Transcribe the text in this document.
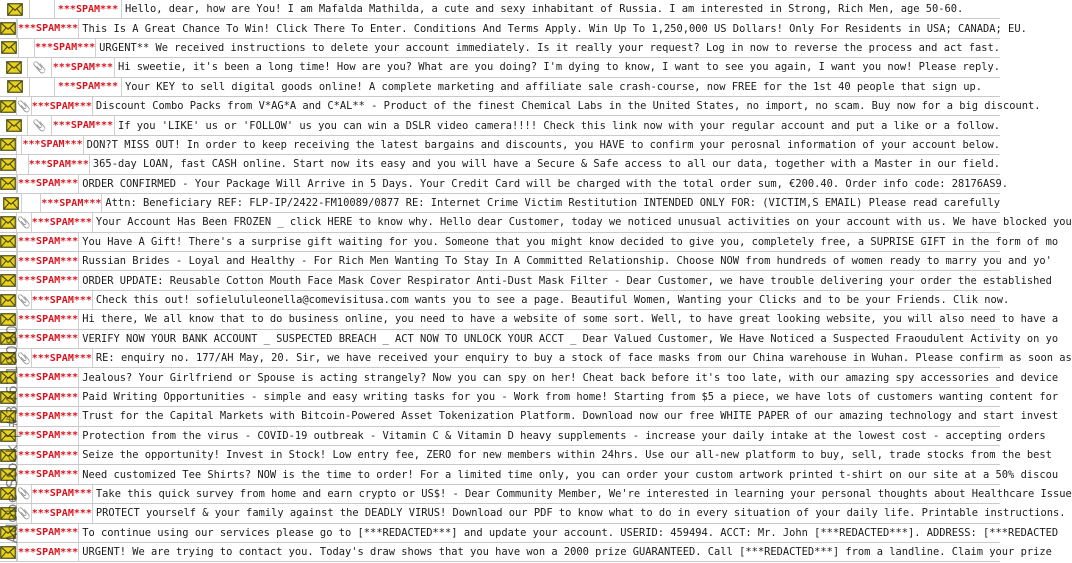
***SPAM*** Hello, dear, how are You! I am Mafalda Mathilda, a cute and sexy inhabitant of Russia. I am interested in Strong, Rich Men, age 50-60.
***SPAM*** This Is A Great Chance To Win! Click There To Enter. Conditions And Terms Apply. Win Up To 1,250,000 US Dollars! Only For Residents in USA; CANADA; EU.
***SPAM*** URGENT** We received instructions to delete your account immediately. Is it really your request? Log in now to reverse the process and act fast.
📎 ***SPAM*** Hi sweetie, it's been a long time! How are you? What are you doing? I'm dying to know, I want to see you again, I want you now! Please reply.
***SPAM*** Your KEY to sell digital goods online! A complete marketing and affiliate sale crash-course, now FREE for the 1st 40 people that sign up.
📎 ***SPAM*** Discount Combo Packs from V*AG*A and C*AL** - Product of the finest Chemical Labs in the United States, no import, no scam. Buy now for a big discount.
📎 ***SPAM*** If you 'LIKE' us or 'FOLLOW' us you can win a DSLR video camera!!!! Check this link now with your regular account and put a like or a follow.
***SPAM*** DON?T MISS OUT! In order to keep receiving the latest bargains and discounts, you HAVE to confirm your perosnal information of your account below.
***SPAM*** 365-day LOAN, fast CASH online. Start now its easy and you will have a Secure & Safe access to all our data, together with a Master in our field.
***SPAM*** ORDER CONFIRMED - Your Package Will Arrive in 5 Days. Your Credit Card will be charged with the total order sum, €200.40. Order info code: 28176AS9.
***SPAM*** Attn: Beneficiary REF: FLP-IP/2422-FM10089/0877 RE: Internet Crime Victim Restitution INTENDED ONLY FOR: (VICTIM,S EMAIL) Please read carefully
📎 ***SPAM*** Your Account Has Been FROZEN _ click HERE to know why. Hello dear Customer, today we noticed unusual activities on your account with us. We have blocked you
***SPAM*** You Have A Gift! There's a surprise gift waiting for you. Someone that you might know decided to give you, completely free, a SUPRISE GIFT in the form of mo
***SPAM*** Russian Brides - Loyal and Healthy - For Rich Men Wanting To Stay In A Committed Relationship. Choose NOW from hundreds of women ready to marry you and yo'
***SPAM*** ORDER UPDATE: Reusable Cotton Mouth Face Mask Cover Respirator Anti-Dust Mask Filter - Dear Customer, we have trouble delivering your order the established
📎 ***SPAM*** Check this out! sofielululeonella@comevisitusa.com wants you to see a page. Beautiful Women, Wanting your Clicks and to be your Friends. Clik now.
***SPAM*** Hi there, We all know that to do business online, you need to have a website of some sort. Well, to have great looking website, you will also need to have a
***SPAM*** VERIFY NOW YOUR BANK ACCOUNT _ SUSPECTED BREACH _ ACT NOW TO UNLOCK YOUR ACCT _ Dear Valued Customer, We Have Noticed a Suspected Fraoudulent Activity on yo
📎 ***SPAM*** RE: enquiry no. 177/AH May, 20. Sir, we have received your enquiry to buy a stock of face masks from our China warehouse in Wuhan. Please confirm as soon as
***SPAM*** Jealous? Your Girlfriend or Spouse is acting strangely? Now you can spy on her! Cheat back before it's too late, with our amazing spy accessories and device
***SPAM*** Paid Writing Opportunities - simple and easy writing tasks for you - Work from home! Starting from $5 a piece, we have lots of customers wanting content for
***SPAM*** Trust for the Capital Markets with Bitcoin-Powered Asset Tokenization Platform. Download now our free WHITE PAPER of our amazing technology and start invest
***SPAM*** Protection from the virus - COVID-19 outbreak - Vitamin C & Vitamin D heavy supplements - increase your daily intake at the lowest cost - accepting orders
***SPAM*** Seize the opportunity! Invest in Stock! Low entry fee, ZERO for new members within 24hrs. Use our all-new platform to buy, sell, trade stocks from the best
***SPAM*** Need customized Tee Shirts? NOW is the time to order! For a limited time only, you can order your custom artwork printed t-shirt on our site at a 50% discou
📎 ***SPAM*** Take this quick survey from home and earn crypto or US$! - Dear Community Member, We're interested in learning your personal thoughts about Healthcare Issue
📎 ***SPAM*** PROTECT yourself & your family against the DEADLY VIRUS! Download our PDF to know what to do in every situation of your daily life. Printable instructions.
***SPAM*** To continue using our services please go to [***REDACTED***] and update your account. USERID: 459494. ACCT: Mr. John [***REDACTED***]. ADDRESS: [***REDACTED
***SPAM*** URGENT! We are trying to contact you. Today's draw shows that you have won a 2000 prize GUARANTEED. Call [***REDACTED***] from a landline. Claim your prize
Adobe Stock | #346219080
